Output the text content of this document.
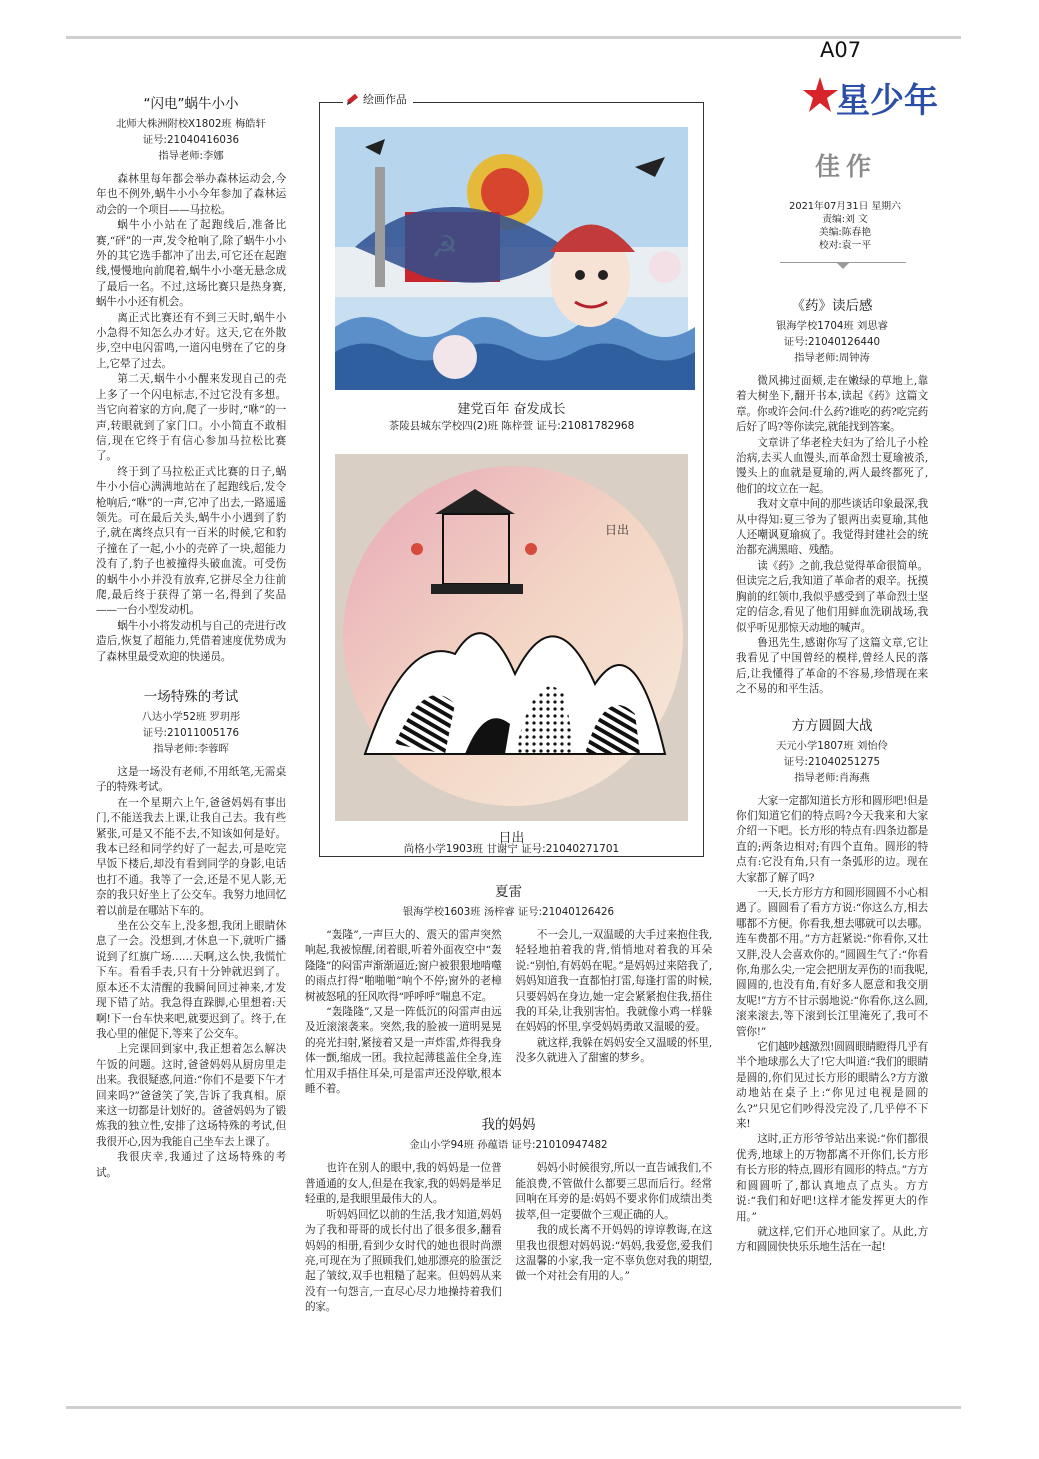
A07
星少年
佳作
2021年07月31日 星期六
责编:刘 文
美编:陈春艳
校对:袁一平
“闪电”蜗牛小小
北师大株洲附校X1802班 梅皓轩
证号:21040416036
指导老师:李娜

森林里每年都会举办森林运动会,今年也不例外,蜗牛小小今年参加了森林运动会的一个项目——马拉松。

蜗牛小小站在了起跑线后,准备比赛,“砰”的一声,发令枪响了,除了蜗牛小小外的其它选手都冲了出去,可它还在起跑线,慢慢地向前爬着,蜗牛小小毫无悬念成了最后一名。不过,这场比赛只是热身赛,蜗牛小小还有机会。

离正式比赛还有不到三天时,蜗牛小小急得不知怎么办才好。这天,它在外散步,空中电闪雷鸣,一道闪电劈在了它的身上,它晕了过去。

第二天,蜗牛小小醒来发现自己的壳上多了一个闪电标志,不过它没有多想。当它向着家的方向,爬了一步时,“咻”的一声,转眼就到了家门口。小小简直不敢相信,现在它终于有信心参加马拉松比赛了。

终于到了马拉松正式比赛的日子,蜗牛小小信心满满地站在了起跑线后,发令枪响后,“咻”的一声,它冲了出去,一路遥遥领先。可在最后关头,蜗牛小小遇到了豹子,就在离终点只有一百米的时候,它和豹子撞在了一起,小小的壳碎了一块,超能力没有了,豹子也被撞得头破血流。可受伤的蜗牛小小并没有放弃,它拼尽全力往前爬,最后终于获得了第一名,得到了奖品——一台小型发动机。

蜗牛小小将发动机与自己的壳进行改造后,恢复了超能力,凭借着速度优势成为了森林里最受欢迎的快递员。

一场特殊的考试
八达小学52班 罗玥彤
证号:21011005176
指导老师:李蓉晖

这是一场没有老师,不用纸笔,无需桌子的特殊考试。

在一个星期六上午,爸爸妈妈有事出门,不能送我去上课,让我自己去。我有些紧张,可是又不能不去,不知该如何是好。我本已经和同学约好了一起去,可是吃完早饭下楼后,却没有看到同学的身影,电话也打不通。我等了一会,还是不见人影,无奈的我只好坐上了公交车。我努力地回忆着以前是在哪站下车的。

坐在公交车上,没多想,我闭上眼睛休息了一会。没想到,才休息一下,就听广播说到了红旗广场……天啊,这么快,我慌忙下车。看看手表,只有十分钟就迟到了。原本还不太清醒的我瞬间回过神来,才发现下错了站。我急得直跺脚,心里想着:天啊!下一台车快来吧,就要迟到了。终于,在我心里的催促下,等来了公交车。

上完课回到家中,我正想着怎么解决午饭的问题。这时,爸爸妈妈从厨房里走出来。我很疑惑,问道:“你们不是要下午才回来吗?”爸爸笑了笑,告诉了我真相。原来这一切都是计划好的。爸爸妈妈为了锻炼我的独立性,安排了这场特殊的考试,但我很开心,因为我能自己坐车去上课了。

我很庆幸,我通过了这场特殊的考试。

建党百年 奋发成长
茶陵县城东学校四(2)班 陈梓萱 证号:21081782968
日出
日出
尚格小学1903班 甘谢宁 证号:21040271701
绘画作品
夏雷
银海学校1603班 汤梓睿 证号:21040126426

“轰隆”,一声巨大的、震天的雷声突然响起,我被惊醒,闭着眼,听着外面夜空中“轰隆隆”的闷雷声渐渐逼近;窗户被狠狠地啃噬的雨点打得“啪啪啪”响个不停;窗外的老樟树被怒吼的狂风吹得“呼呼呼”喘息不定。

“轰隆隆”,又是一阵低沉的闷雷声由远及近滚滚袭来。突然,我的脸被一道明晃晃的亮光扫射,紧接着又是一声炸雷,炸得我身体一颤,缩成一团。我拉起薄毯盖住全身,连忙用双手捂住耳朵,可是雷声还没停歇,根本睡不着。

不一会儿,一双温暖的大手过来抱住我,轻轻地拍着我的背,悄悄地对着我的耳朵说:“别怕,有妈妈在呢。”是妈妈过来陪我了,妈妈知道我一直都怕打雷,每逢打雷的时候,只要妈妈在身边,她一定会紧紧抱住我,捂住我的耳朵,让我别害怕。我就像小鸡一样躲在妈妈的怀里,享受妈妈勇敢又温暖的爱。

就这样,我躲在妈妈安全又温暖的怀里,没多久就进入了甜蜜的梦乡。

我的妈妈
金山小学94班 孙蕴语 证号:21010947482

也许在别人的眼中,我的妈妈是一位普普通通的女人,但是在我家,我的妈妈是举足轻重的,是我眼里最伟大的人。

听妈妈回忆以前的生活,我才知道,妈妈为了我和哥哥的成长付出了很多很多,翻看妈妈的相册,看到少女时代的她也很时尚漂亮,可现在为了照顾我们,她那漂亮的脸蛋泛起了皱纹,双手也粗糙了起来。但妈妈从来没有一句怨言,一直尽心尽力地操持着我们的家。

妈妈小时候很穷,所以一直告诫我们,不能浪费,不管做什么都要三思而后行。经常回响在耳旁的是:妈妈不要求你们成绩出类拔萃,但一定要做个三观正确的人。

我的成长离不开妈妈的谆谆教诲,在这里我也很想对妈妈说:“妈妈,我爱您,爱我们这温馨的小家,我一定不辜负您对我的期望,做一个对社会有用的人。”

《药》读后感
银海学校1704班 刘思睿
证号:21040126440
指导老师:周钟涛

微风拂过面颊,走在嫩绿的草地上,靠着大树坐下,翻开书本,读起《药》这篇文章。你或许会问:什么药?谁吃的药?吃完药后好了吗?等你读完,就能找到答案。

文章讲了华老栓夫妇为了给儿子小栓治病,去买人血馒头,而革命烈士夏瑜被杀,馒头上的血就是夏瑜的,两人最终都死了,他们的坟立在一起。

我对文章中间的那些谈话印象最深,我从中得知:夏三爷为了银两出卖夏瑜,其他人还嘲讽夏瑜疯了。我觉得封建社会的统治都充满黑暗、残酷。

读《药》之前,我总觉得革命很简单。但读完之后,我知道了革命者的艰辛。抚摸胸前的红领巾,我似乎感受到了革命烈士坚定的信念,看见了他们用鲜血洗刷战场,我似乎听见那惊天动地的喊声。

鲁迅先生,感谢你写了这篇文章,它让我看见了中国曾经的模样,曾经人民的落后,让我懂得了革命的不容易,珍惜现在来之不易的和平生活。

方方圆圆大战
天元小学1807班 刘怡伶
证号:21040251275
指导老师:肖海燕

大家一定都知道长方形和圆形吧!但是你们知道它们的特点吗?今天我来和大家介绍一下吧。长方形的特点有:四条边都是直的;两条边相对;有四个直角。圆形的特点有:它没有角,只有一条弧形的边。现在大家都了解了吗?

一天,长方形方方和圆形圆圆不小心相遇了。圆圆看了看方方说:“你这么方,相去哪都不方便。你看我,想去哪就可以去哪。连车费都不用。”方方赶紧说:“你看你,又壮又胖,没人会喜欢你的。”圆圆生气了:“你看你,角那么尖,一定会把朋友弄伤的!而我呢,圆圆的,也没有角,有好多人愿意和我交朋友呢!”方方不甘示弱地说:“你看你,这么圆,滚来滚去,等下滚到长江里淹死了,我可不管你!”

它们越吵越激烈!圆圆眼睛瞪得几乎有半个地球那么大了!它大叫道:“我们的眼睛是圆的,你们见过长方形的眼睛么?方方激动地站在桌子上:“你见过电视是圆的么?”只见它们吵得没完没了,几乎停不下来!

这时,正方形爷爷站出来说:“你们都很优秀,地球上的万物都离不开你们,长方形有长方形的特点,圆形有圆形的特点。”方方和圆圆听了,都认真地点了点头。方方说:“我们和好吧!这样才能发挥更大的作用。”

就这样,它们开心地回家了。从此,方方和圆圆快快乐乐地生活在一起!
